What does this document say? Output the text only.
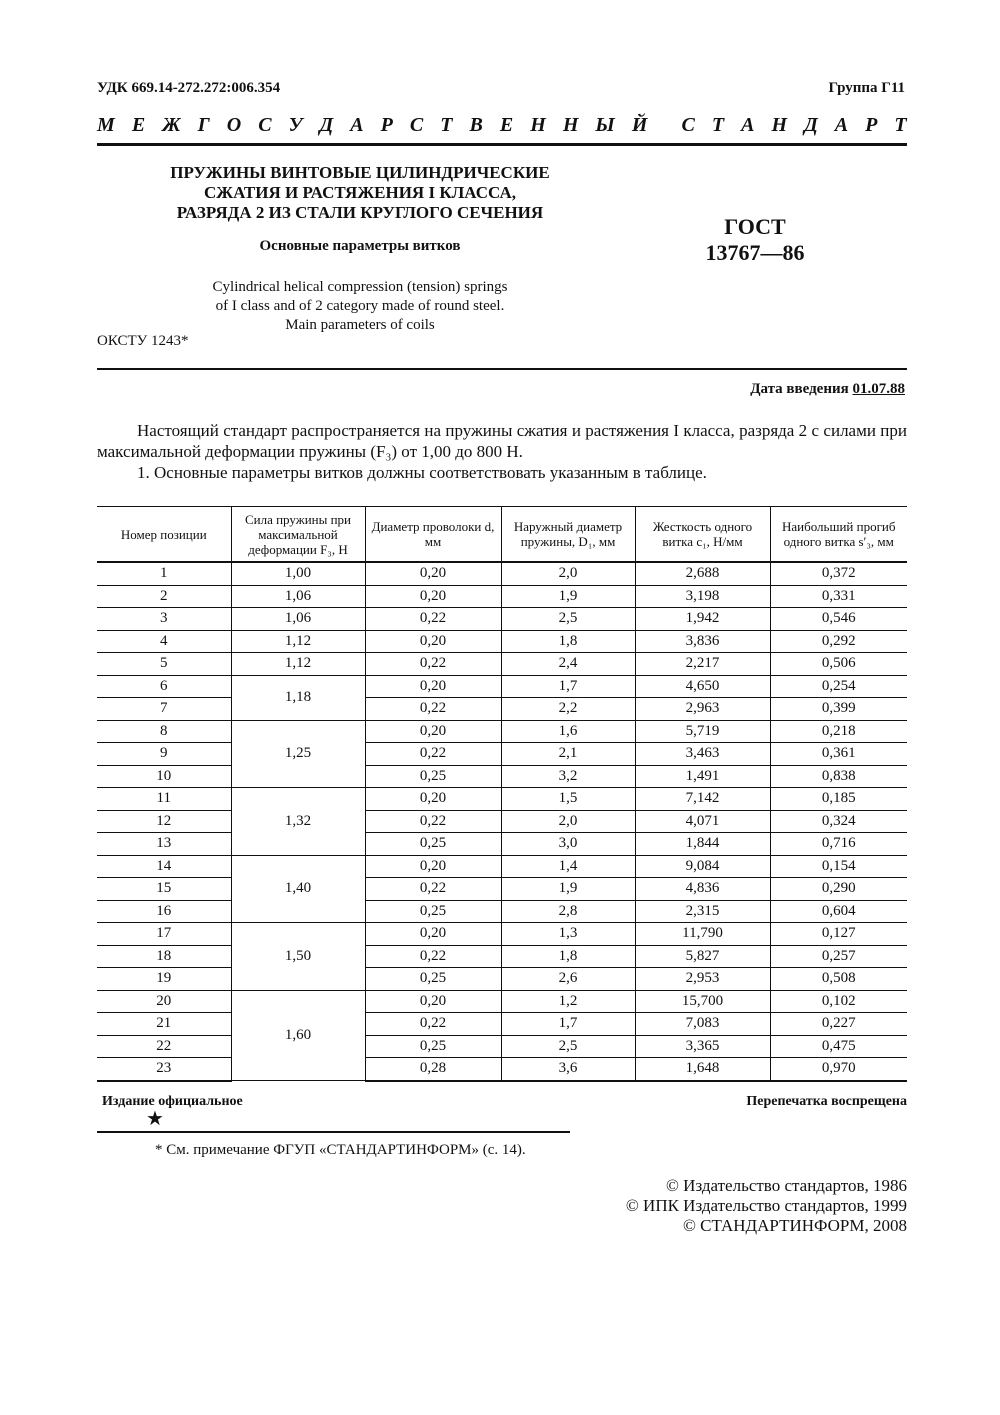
УДК 669.14-272.272:006.354	Группа Г11
М Е Ж Г О С У Д А Р С Т В Е Н Н Ы Й С Т А Н Д А Р Т
ПРУЖИНЫ ВИНТОВЫЕ ЦИЛИНДРИЧЕСКИЕ
СЖАТИЯ И РАСТЯЖЕНИЯ I КЛАССА,
РАЗРЯДА 2 ИЗ СТАЛИ КРУГЛОГО СЕЧЕНИЯ
Основные параметры витков
ГОСТ
13767—86
Cylindrical helical compression (tension) springs
of I class and of 2 category made of round steel.
Main parameters of coils
ОКСТУ 1243*
Дата введения 01.07.88

Настоящий стандарт распространяется на пружины сжатия и растяжения I класса, разряда 2 с силами при максимальной деформации пружины (F₃) от 1,00 до 800 Н.

1. Основные параметры витков должны соответствовать указанным в таблице.

Номер позиции	Сила пружины при максимальной деформации F₃, Н	Диаметр проволоки d, мм	Наружный диаметр пружины, D₁, мм	Жесткость одного витка c₁, Н/мм	Наибольший прогиб одного витка s′₃, мм
1	1,00	0,20	2,0	2,688	0,372
2	1,06	0,20	1,9	3,198	0,331
3	1,06	0,22	2,5	1,942	0,546
4	1,12	0,20	1,8	3,836	0,292
5	1,12	0,22	2,4	2,217	0,506
6	1,18	0,20	1,7	4,650	0,254
7		0,22	2,2	2,963	0,399
8	1,25	0,20	1,6	5,719	0,218
9		0,22	2,1	3,463	0,361
10		0,25	3,2	1,491	0,838
11	1,32	0,20	1,5	7,142	0,185
12		0,22	2,0	4,071	0,324
13		0,25	3,0	1,844	0,716
14	1,40	0,20	1,4	9,084	0,154
15		0,22	1,9	4,836	0,290
16		0,25	2,8	2,315	0,604
17	1,50	0,20	1,3	11,790	0,127
18		0,22	1,8	5,827	0,257
19		0,25	2,6	2,953	0,508
20	1,60	0,20	1,2	15,700	0,102
21		0,22	1,7	7,083	0,227
22		0,25	2,5	3,365	0,475
23		0,28	3,6	1,648	0,970
Издание официальное
★
Перепечатка воспрещена
* См. примечание ФГУП «СТАНДАРТИНФОРМ» (с. 14).
© Издательство стандартов, 1986
© ИПК Издательство стандартов, 1999
© СТАНДАРТИНФОРМ, 2008
